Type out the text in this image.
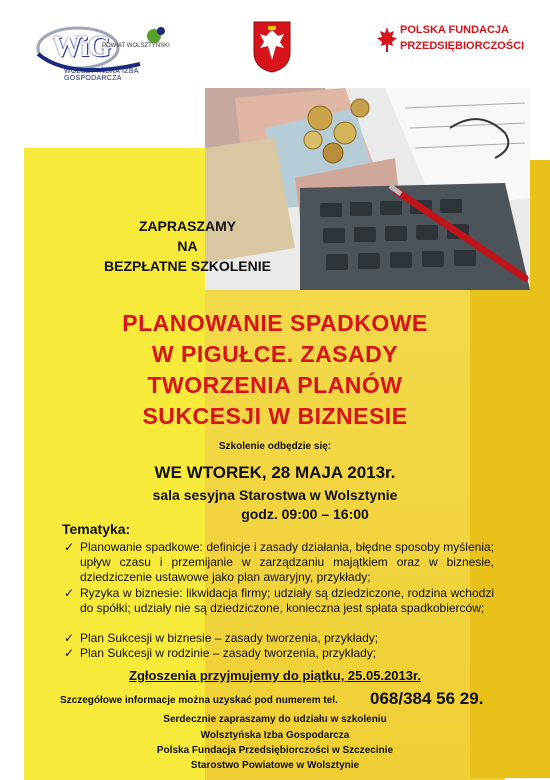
WiG
POWIAT WOLSZTYŃSKI
WOLSZTYŃSKA IZBA GOSPODARCZA
POLSKA FUNDACJA
PRZEDSIĘBIORCZOŚCI
ZAPRASZAMY
NA
BEZPŁATNE SZKOLENIE
PLANOWANIE SPADKOWE
W PIGUŁCE. ZASADY
TWORZENIA PLANÓW
SUKCESJI W BIZNESIE
Szkolenie odbędzie się:
WE WTOREK, 28 MAJA 2013r.
sala sesyjna Starostwa w Wolsztynie
godz. 09:00 – 16:00
Tematyka:
✓ Planowanie spadkowe: definicje i zasady działania, błędne sposoby myślenia; upływ czasu i przemijanie w zarządzaniu majątkiem oraz w biznesie, dziedziczenie ustawowe jako plan awaryjny, przykłady;
✓ Ryzyka w biznesie: likwidacja firmy; udziały są dziedziczone, rodzina wchodzi do spółki; udziały nie są dziedziczone, konieczna jest spłata spadkobierców;
✓ Plan Sukcesji w biznesie – zasady tworzenia, przykłady;
✓ Plan Sukcesji w rodzinie – zasady tworzenia, przykłady;
Zgłoszenia przyjmujemy do piątku, 25.05.2013r.
Szczegółowe informacje można uzyskać pod numerem tel. 068/384 56 29.
Serdecznie zapraszamy do udziału w szkoleniu
Wolsztyńska Izba Gospodarcza
Polska Fundacja Przedsiębiorczości w Szczecinie
Starostwo Powiatowe w Wolsztynie
